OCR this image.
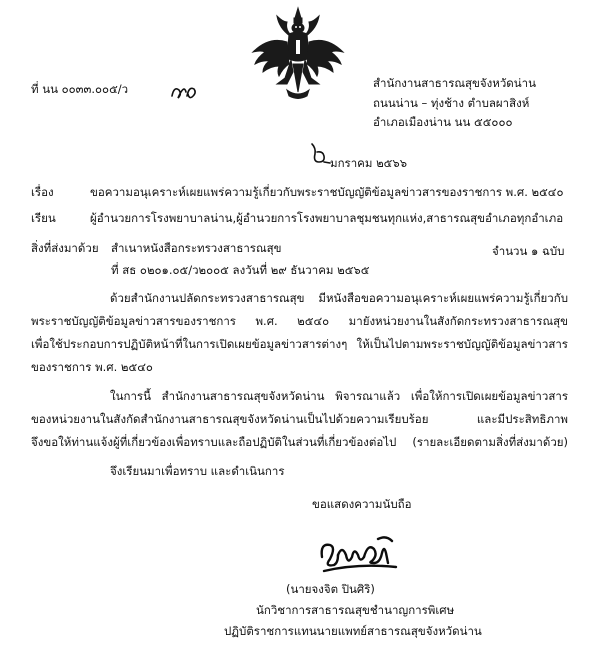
ที่ นน ๐๐๓๓.๐๐๕/ว	สำนักงานสาธารณสุขจังหวัดน่าน
ถนนน่าน – ทุ่งช้าง ตำบลผาสิงห์
อำเภอเมืองน่าน นน ๕๕๐๐๐
มกราคม ๒๕๖๖
เรื่อง	ขอความอนุเคราะห์เผยแพร่ความรู้เกี่ยวกับพระราชบัญญัติข้อมูลข่าวสารของราชการ พ.ศ. ๒๕๔๐
เรียน	ผู้อำนวยการโรงพยาบาลน่าน,ผู้อำนวยการโรงพยาบาลชุมชนทุกแห่ง,สาธารณสุขอำเภอทุกอำเภอ
สิ่งที่ส่งมาด้วย สำเนาหนังสือกระทรวงสาธารณสุข	จำนวน ๑ ฉบับ
ที่ สธ ๐๒๐๑.๐๕/ว๒๐๐๕ ลงวันที่ ๒๙ ธันวาคม ๒๕๖๕
ด้วยสำนักงานปลัดกระทรวงสาธารณสุข มีหนังสือขอความอนุเคราะห์เผยแพร่ความรู้เกี่ยวกับ
พระราชบัญญัติข้อมูลข่าวสารของราชการ พ.ศ. ๒๕๔๐ มายังหน่วยงานในสังกัดกระทรวงสาธารณสุข
เพื่อใช้ประกอบการปฏิบัติหน้าที่ในการเปิดเผยข้อมูลข่าวสารต่างๆ ให้เป็นไปตามพระราชบัญญัติข้อมูลข่าวสาร
ของราชการ พ.ศ. ๒๕๔๐
ในการนี้ สำนักงานสาธารณสุขจังหวัดน่าน พิจารณาแล้ว เพื่อให้การเปิดเผยข้อมูลข่าวสาร
ของหน่วยงานในสังกัดสำนักงานสาธารณสุขจังหวัดน่านเป็นไปด้วยความเรียบร้อย และมีประสิทธิภาพ
จึงขอให้ท่านแจ้งผู้ที่เกี่ยวข้องเพื่อทราบและถือปฏิบัติในส่วนที่เกี่ยวข้องต่อไป (รายละเอียดตามสิ่งที่ส่งมาด้วย)
จึงเรียนมาเพื่อทราบ และดำเนินการ
ขอแสดงความนับถือ
(นายจงจิต ปินศิริ)
นักวิชาการสาธารณสุขชำนาญการพิเศษ
ปฏิบัติราชการแทนนายแพทย์สาธารณสุขจังหวัดน่าน
